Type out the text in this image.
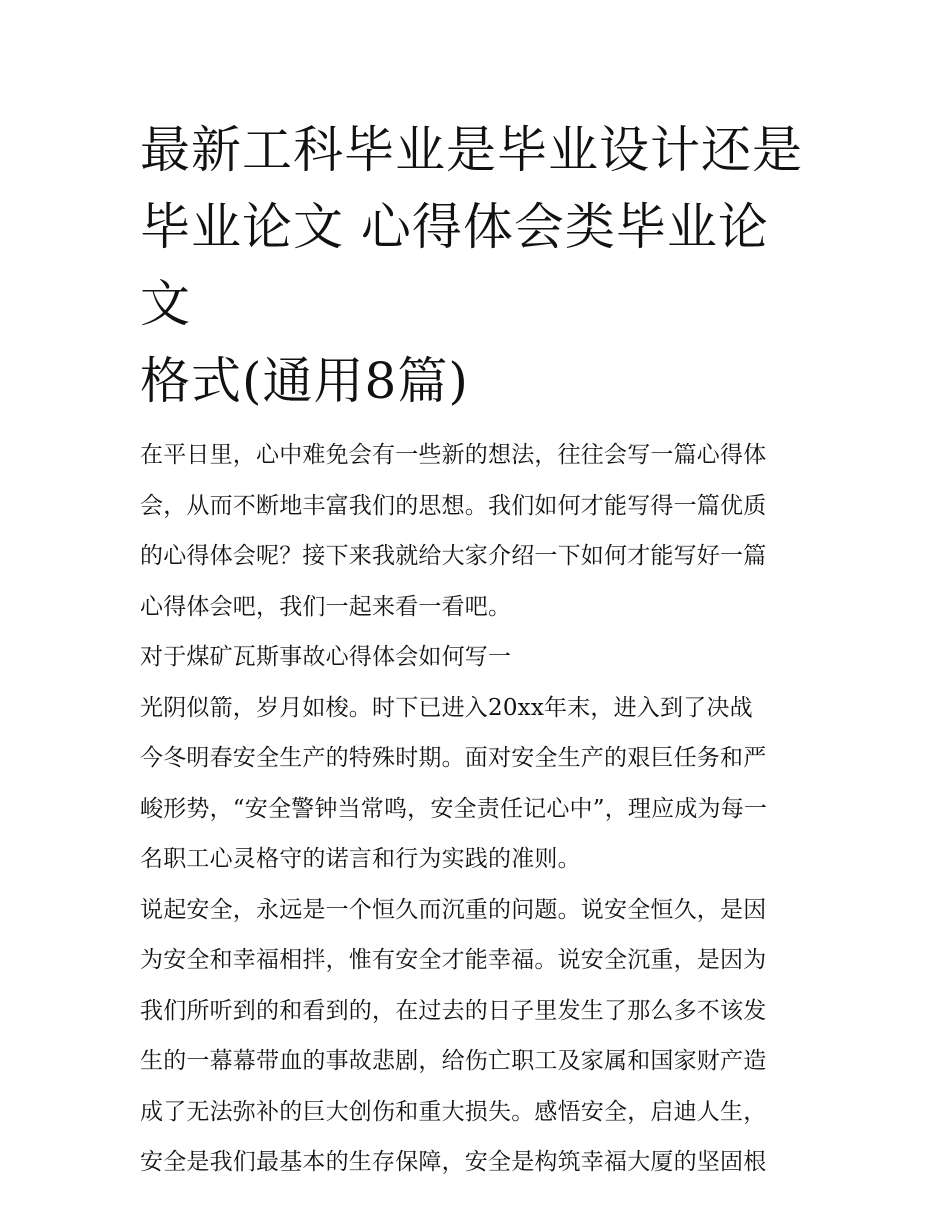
最新工科毕业是毕业设计还是
毕业论文 心得体会类毕业论文
格式(通用8篇)

在平日里，心中难免会有一些新的想法，往往会写一篇心得体
会，从而不断地丰富我们的思想。我们如何才能写得一篇优质
的心得体会呢？接下来我就给大家介绍一下如何才能写好一篇
心得体会吧，我们一起来看一看吧。

对于煤矿瓦斯事故心得体会如何写一

光阴似箭，岁月如梭。时下已进入20xx年末，进入到了决战
今冬明春安全生产的特殊时期。面对安全生产的艰巨任务和严
峻形势，“安全警钟当常鸣，安全责任记心中”，理应成为每一
名职工心灵格守的诺言和行为实践的准则。

说起安全，永远是一个恒久而沉重的问题。说安全恒久，是因
为安全和幸福相拌，惟有安全才能幸福。说安全沉重，是因为
我们所听到的和看到的，在过去的日子里发生了那么多不该发
生的一幕幕带血的事故悲剧，给伤亡职工及家属和国家财产造
成了无法弥补的巨大创伤和重大损失。感悟安全，启迪人生，
安全是我们最基本的生存保障，安全是构筑幸福大厦的坚固根
